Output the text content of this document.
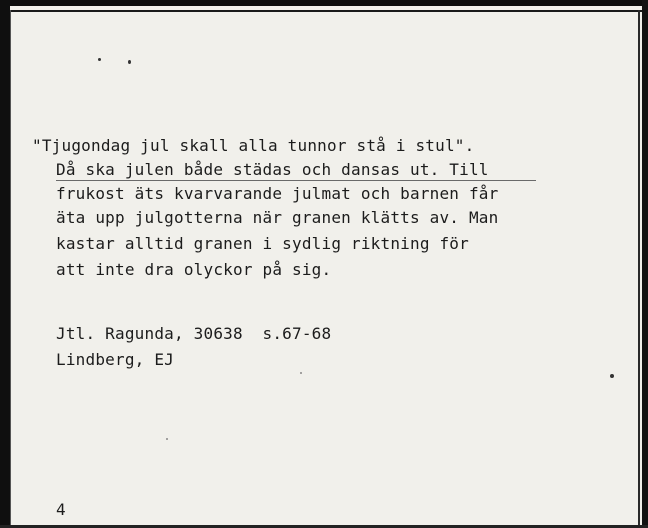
"Tjugondag jul skall alla tunnor stå i stul".
Då ska julen både städas och dansas ut. Till
frukost äts kvarvarande julmat och barnen får
äta upp julgotterna när granen klätts av. Man
kastar alltid granen i sydlig riktning för
att inte dra olyckor på sig.
Jtl. Ragunda, 30638  s.67-68
Lindberg, EJ
4
